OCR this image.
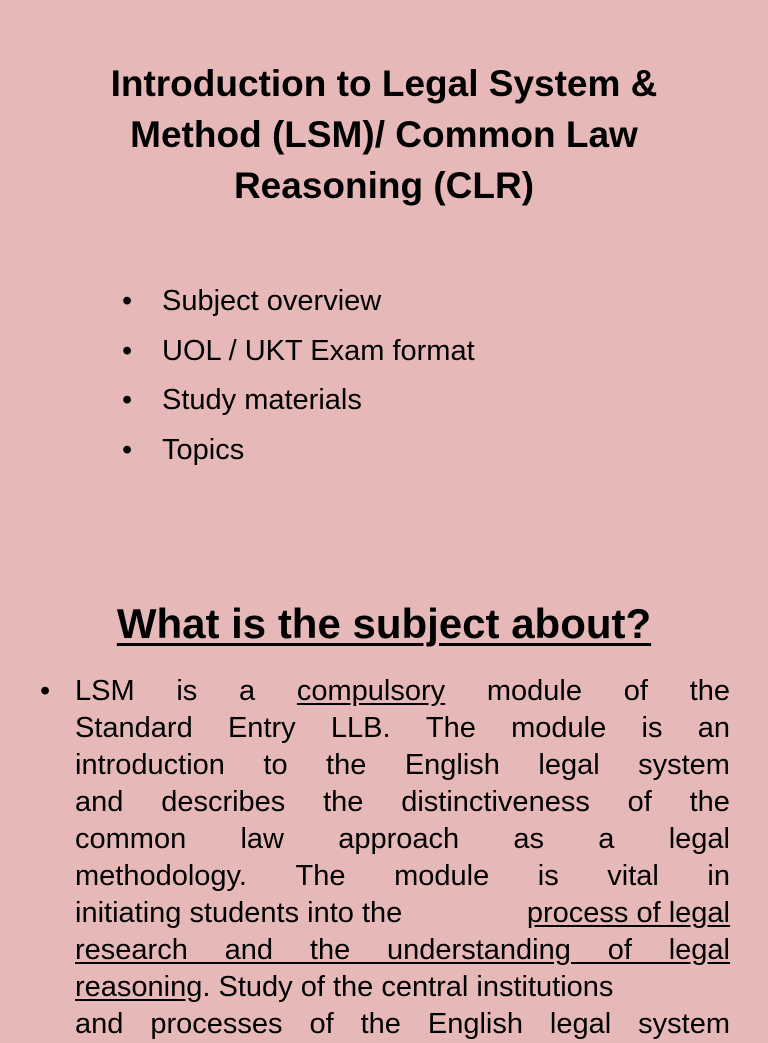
Introduction to Legal System &
Method (LSM)/ Common Law
Reasoning (CLR)
•	Subject overview
•	UOL / UKT Exam format
•	Study materials
•	Topics
What is the subject about?
• LSM is a compulsory module of the
Standard Entry LLB. The module is an
introduction to the English legal system
and describes the distinctiveness of the
common law approach as a legal
methodology. The module is vital in
initiating students into the	process of legal
research and the understanding of legal
reasoning . Study of the central institutions
and processes of the English legal system
